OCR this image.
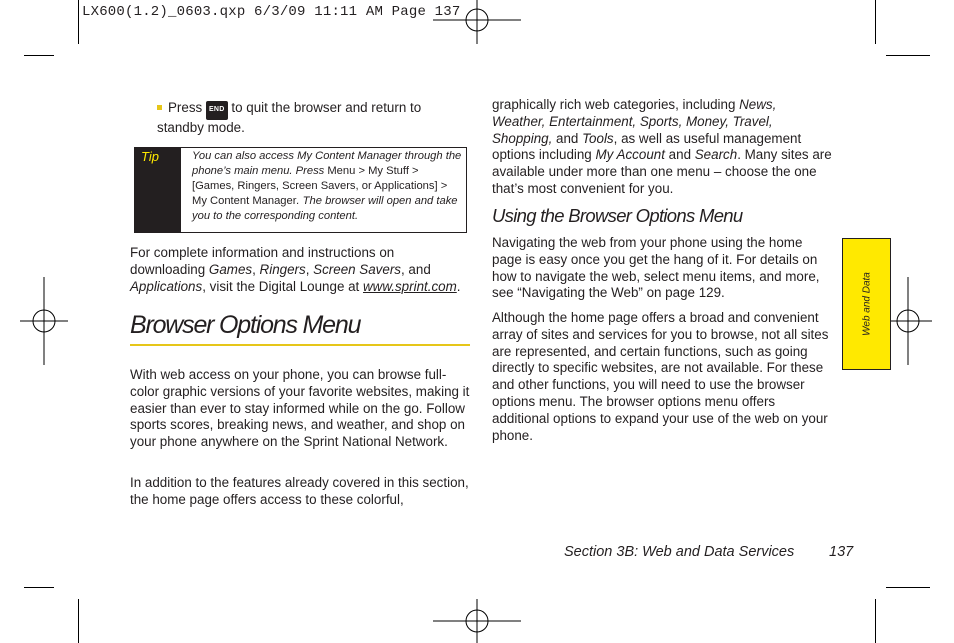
LX600(1.2)_0603.qxp 6/3/09 11:11 AM Page 137
Press END to quit the browser and return to standby mode.
Tip	You can also access My Content Manager through the phone’s main menu. Press Menu > My Stuff > [Games, Ringers, Screen Savers, or Applications] > My Content Manager. The browser will open and take you to the corresponding content.
For complete information and instructions on downloading Games, Ringers, Screen Savers, and Applications, visit the Digital Lounge at www.sprint.com.
Browser Options Menu
With web access on your phone, you can browse full-color graphic versions of your favorite websites, making it easier than ever to stay informed while on the go. Follow sports scores, breaking news, and weather, and shop on your phone anywhere on the Sprint National Network.
In addition to the features already covered in this section, the home page offers access to these colorful,
graphically rich web categories, including News, Weather, Entertainment, Sports, Money, Travel, Shopping, and Tools, as well as useful management options including My Account and Search. Many sites are available under more than one menu – choose the one that’s most convenient for you.
Using the Browser Options Menu
Navigating the web from your phone using the home page is easy once you get the hang of it. For details on how to navigate the web, select menu items, and more, see “Navigating the Web” on page 129.
Although the home page offers a broad and convenient array of sites and services for you to browse, not all sites are represented, and certain functions, such as going directly to specific websites, are not available. For these and other functions, you will need to use the browser options menu. The browser options menu offers additional options to expand your use of the web on your phone.
Web and Data
Section 3B: Web and Data Services 137
